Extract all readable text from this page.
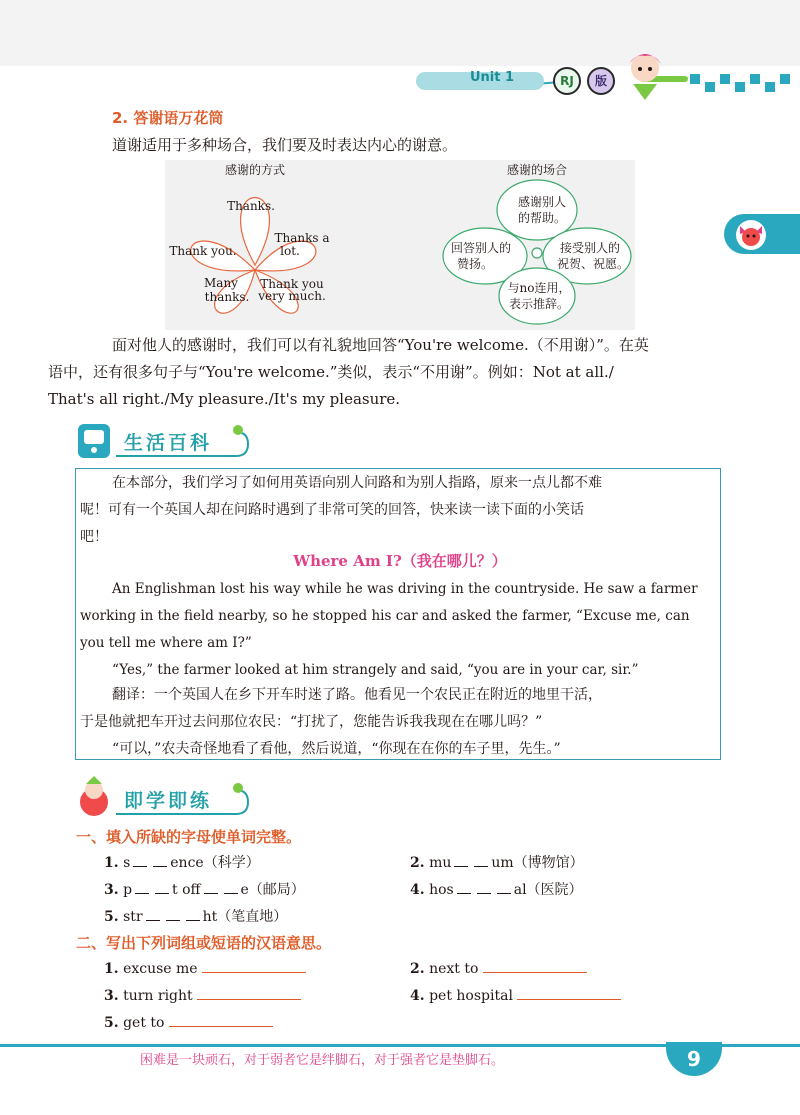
Unit 1	RJ	版
2. 答谢语万花筒
道谢适用于多种场合，我们要及时表达内心的谢意。
感谢的方式
Thanks.
Thanks a
lot.
Thank you.
Many
thanks.
Thank you
very much.
感谢的场合
感谢别人
的帮助。
回答别人的
赞扬。
接受别人的
祝贺、祝愿。
与no连用，
表示推辞。
面对他人的感谢时，我们可以有礼貌地回答“You're welcome.（不用谢）”。在英
语中，还有很多句子与“You're welcome.”类似，表示“不用谢”。例如：Not at all./
That's all right./My pleasure./It's my pleasure.
生活百科
在本部分，我们学习了如何用英语向别人问路和为别人指路，原来一点儿都不难
呢！可有一个英国人却在问路时遇到了非常可笑的回答，快来读一读下面的小笑话
吧！
Where Am I?（我在哪儿？）
An Englishman lost his way while he was driving in the countryside. He saw a farmer
working in the field nearby, so he stopped his car and asked the farmer, “Excuse me, can
you tell me where am I?”
“Yes,” the farmer looked at him strangely and said, “you are in your car, sir.”
翻译：一个英国人在乡下开车时迷了路。他看见一个农民正在附近的地里干活，
于是他就把车开过去问那位农民：“打扰了，您能告诉我我现在在哪儿吗？”
“可以，”农夫奇怪地看了看他，然后说道，“你现在在你的车子里，先生。”
即学即练
一、填入所缺的字母使单词完整。
1. s	ence（科学）	2. mu	um（博物馆）
3. p	t off	e（邮局）	4. hos	al（医院）
5. str	ht（笔直地）
二、写出下列词组或短语的汉语意思。
1. excuse me	2. next to
3. turn right	4. pet hospital
5. get to
困难是一块顽石，对于弱者它是绊脚石，对于强者它是垫脚石。	9
